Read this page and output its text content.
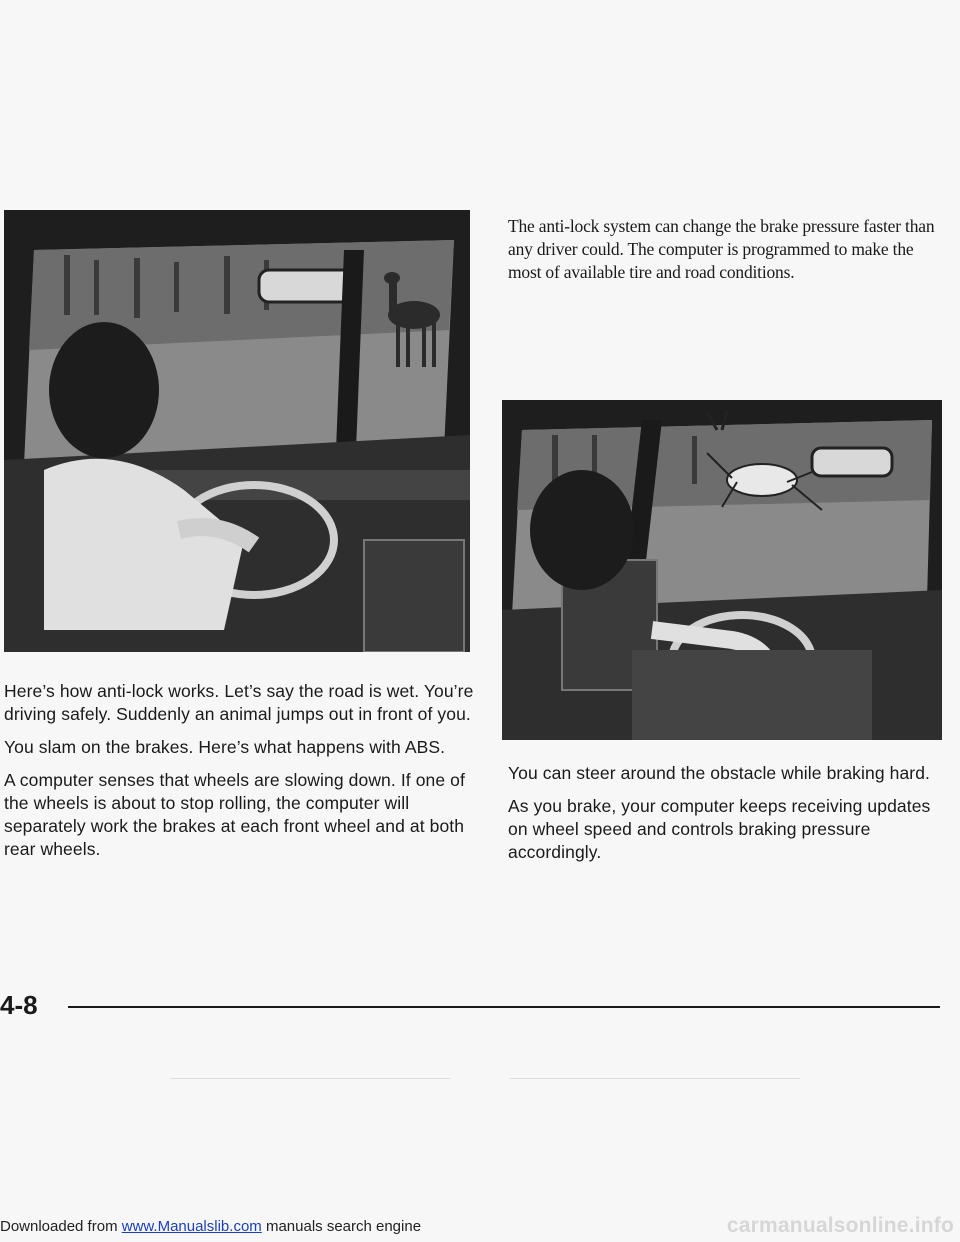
Here’s how anti-lock works. Let’s say the road is wet. You’re driving safely. Suddenly an animal jumps out in front of you.

You slam on the brakes. Here’s what happens with ABS.

A computer senses that wheels are slowing down. If one of the wheels is about to stop rolling, the computer will separately work the brakes at each front wheel and at both rear wheels.

The anti-lock system can change the brake pressure faster than any driver could. The computer is programmed to make the most of available tire and road conditions.

You can steer around the obstacle while braking hard.

As you brake, your computer keeps receiving updates on wheel speed and controls braking pressure accordingly.

4-8
Downloaded from www.Manualslib.com manuals search engine	carmanualsonline.info
